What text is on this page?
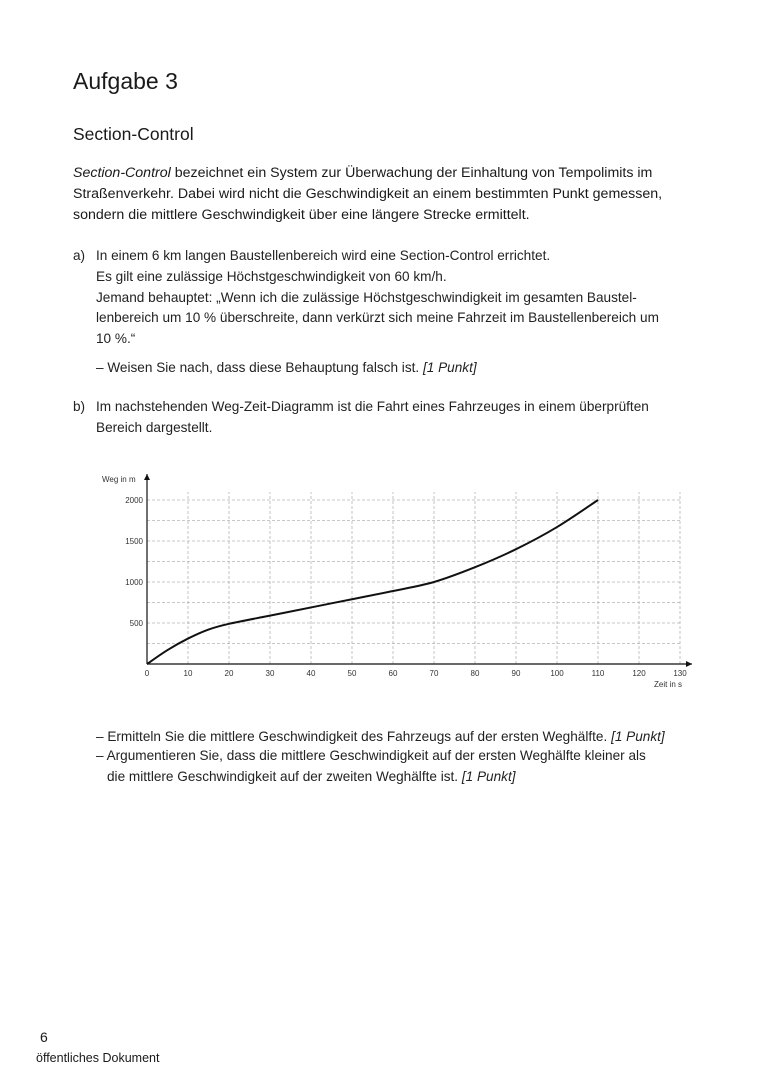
Aufgabe 3
Section-Control
Section-Control bezeichnet ein System zur Überwachung der Einhaltung von Tempolimits im
Straßenverkehr. Dabei wird nicht die Geschwindigkeit an einem bestimmten Punkt gemessen,
sondern die mittlere Geschwindigkeit über eine längere Strecke ermittelt.
a) In einem 6 km langen Baustellenbereich wird eine Section-Control errichtet.
Es gilt eine zulässige Höchstgeschwindigkeit von 60 km/h.
Jemand behauptet: „Wenn ich die zulässige Höchstgeschwindigkeit im gesamten Baustel-
lenbereich um 10 % überschreite, dann verkürzt sich meine Fahrzeit im Baustellenbereich um
10 %.“
– Weisen Sie nach, dass diese Behauptung falsch ist. [1 Punkt]
b) Im nachstehenden Weg-Zeit-Diagramm ist die Fahrt eines Fahrzeuges in einem überprüften
Bereich dargestellt.
0	10	20	30	40	50	60	70	80	90	100	110	120	130
500
1000
1500
2000
Weg in m
Zeit in s
– Ermitteln Sie die mittlere Geschwindigkeit des Fahrzeugs auf der ersten Weghälfte. [1 Punkt]
– Argumentieren Sie, dass die mittlere Geschwindigkeit auf der ersten Weghälfte kleiner als
die mittlere Geschwindigkeit auf der zweiten Weghälfte ist. [1 Punkt]
6
öffentliches Dokument
